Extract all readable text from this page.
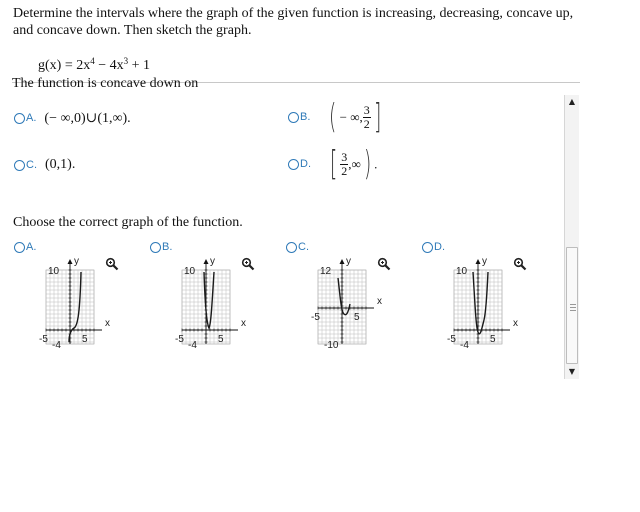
Determine the intervals where the graph of the given function is increasing, decreasing, concave up, and concave down. Then sketch the graph.
$g(x) = 2x^4 - 4x^3 + 1$
The function is concave down on
A. (− ∞,0)∪(1,∞).	B. ( − ∞, $\frac{3}{2}$ ]
C. (0,1).	D. [ $\frac{3}{2}$ ,∞) .
Choose the correct graph of the function.
A.
y
x
10
-5	5
-4
B.
y
x
10
-5	5
-4
C.
y
x
12
-5	5
-10
D.
y
x
10
-5	5
-4
▲
▼
